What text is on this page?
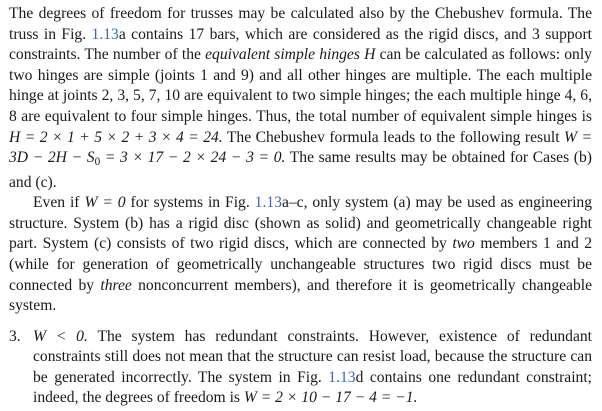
The degrees of freedom for trusses may be calculated also by the Chebushev formula. The truss in Fig. 1.13a contains 17 bars, which are considered as the rigid discs, and 3 support constraints. The number of the equivalent simple hinges H can be calculated as follows: only two hinges are simple (joints 1 and 9) and all other hinges are multiple. The each multiple hinge at joints 2, 3, 5, 7, 10 are equivalent to two simple hinges; the each multiple hinge 4, 6, 8 are equivalent to four simple hinges. Thus, the total number of equivalent simple hinges is H = 2 × 1 + 5 × 2 + 3 × 4 = 24. The Chebushev formula leads to the following result $W = 3D - 2H - S_0 = 3 \times 17 - 2 \times 24 - 3 = 0$. The same results may be obtained for Cases (b) and (c).

Even if W = 0 for systems in Fig. 1.13a–c, only system (a) may be used as engineering structure. System (b) has a rigid disc (shown as solid) and geometrically changeable right part. System (c) consists of two rigid discs, which are connected by two members 1 and 2 (while for generation of geometrically unchangeable structures two rigid discs must be connected by three nonconcurrent members), and therefore it is geometrically changeable system.

3. W < 0. The system has redundant constraints. However, existence of redundant constraints still does not mean that the structure can resist load, because the structure can be generated incorrectly. The system in Fig. 1.13d contains one redundant constraint; indeed, the degrees of freedom is W = 2 × 10 − 17 − 4 = −1.
